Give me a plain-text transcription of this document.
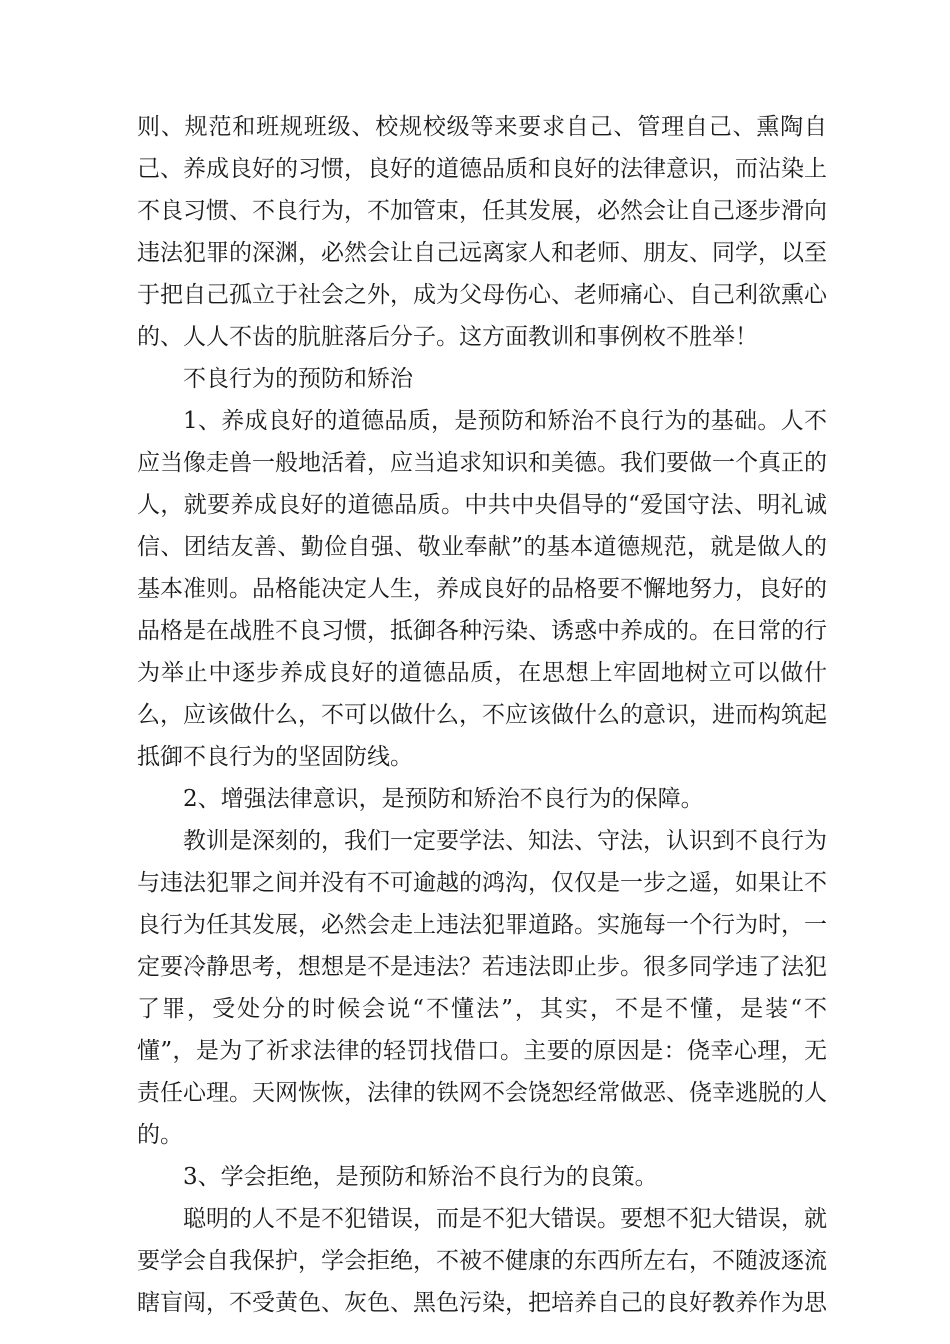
则、规范和班规班级、校规校级等来要求自己、管理自己、熏陶自己、养成良好的习惯，良好的道德品质和良好的法律意识，而沾染上不良习惯、不良行为，不加管束，任其发展，必然会让自己逐步滑向违法犯罪的深渊，必然会让自己远离家人和老师、朋友、同学，以至于把自己孤立于社会之外，成为父母伤心、老师痛心、自己利欲熏心的、人人不齿的肮脏落后分子。这方面教训和事例枚不胜举！

不良行为的预防和矫治

1、养成良好的道德品质，是预防和矫治不良行为的基础。人不应当像走兽一般地活着，应当追求知识和美德。我们要做一个真正的人，就要养成良好的道德品质。中共中央倡导的“爱国守法、明礼诚信、团结友善、勤俭自强、敬业奉献”的基本道德规范，就是做人的基本准则。品格能决定人生，养成良好的品格要不懈地努力，良好的品格是在战胜不良习惯，抵御各种污染、诱惑中养成的。在日常的行为举止中逐步养成良好的道德品质，在思想上牢固地树立可以做什么，应该做什么，不可以做什么，不应该做什么的意识，进而构筑起抵御不良行为的坚固防线。

2、增强法律意识，是预防和矫治不良行为的保障。

教训是深刻的，我们一定要学法、知法、守法，认识到不良行为与违法犯罪之间并没有不可逾越的鸿沟，仅仅是一步之遥，如果让不良行为任其发展，必然会走上违法犯罪道路。实施每一个行为时，一定要冷静思考，想想是不是违法？若违法即止步。很多同学违了法犯了罪，受处分的时候会说“不懂法”，其实，不是不懂，是装“不懂”，是为了祈求法律的轻罚找借口。主要的原因是：侥幸心理，无责任心理。天网恢恢，法律的铁网不会饶恕经常做恶、侥幸逃脱的人的。

3、学会拒绝，是预防和矫治不良行为的良策。

聪明的人不是不犯错误，而是不犯大错误。要想不犯大错误，就要学会自我保护，学会拒绝，不被不健康的东西所左右，不随波逐流瞎盲闯，不受黄色、灰色、黑色污染，把培养自己的良好教养作为思
